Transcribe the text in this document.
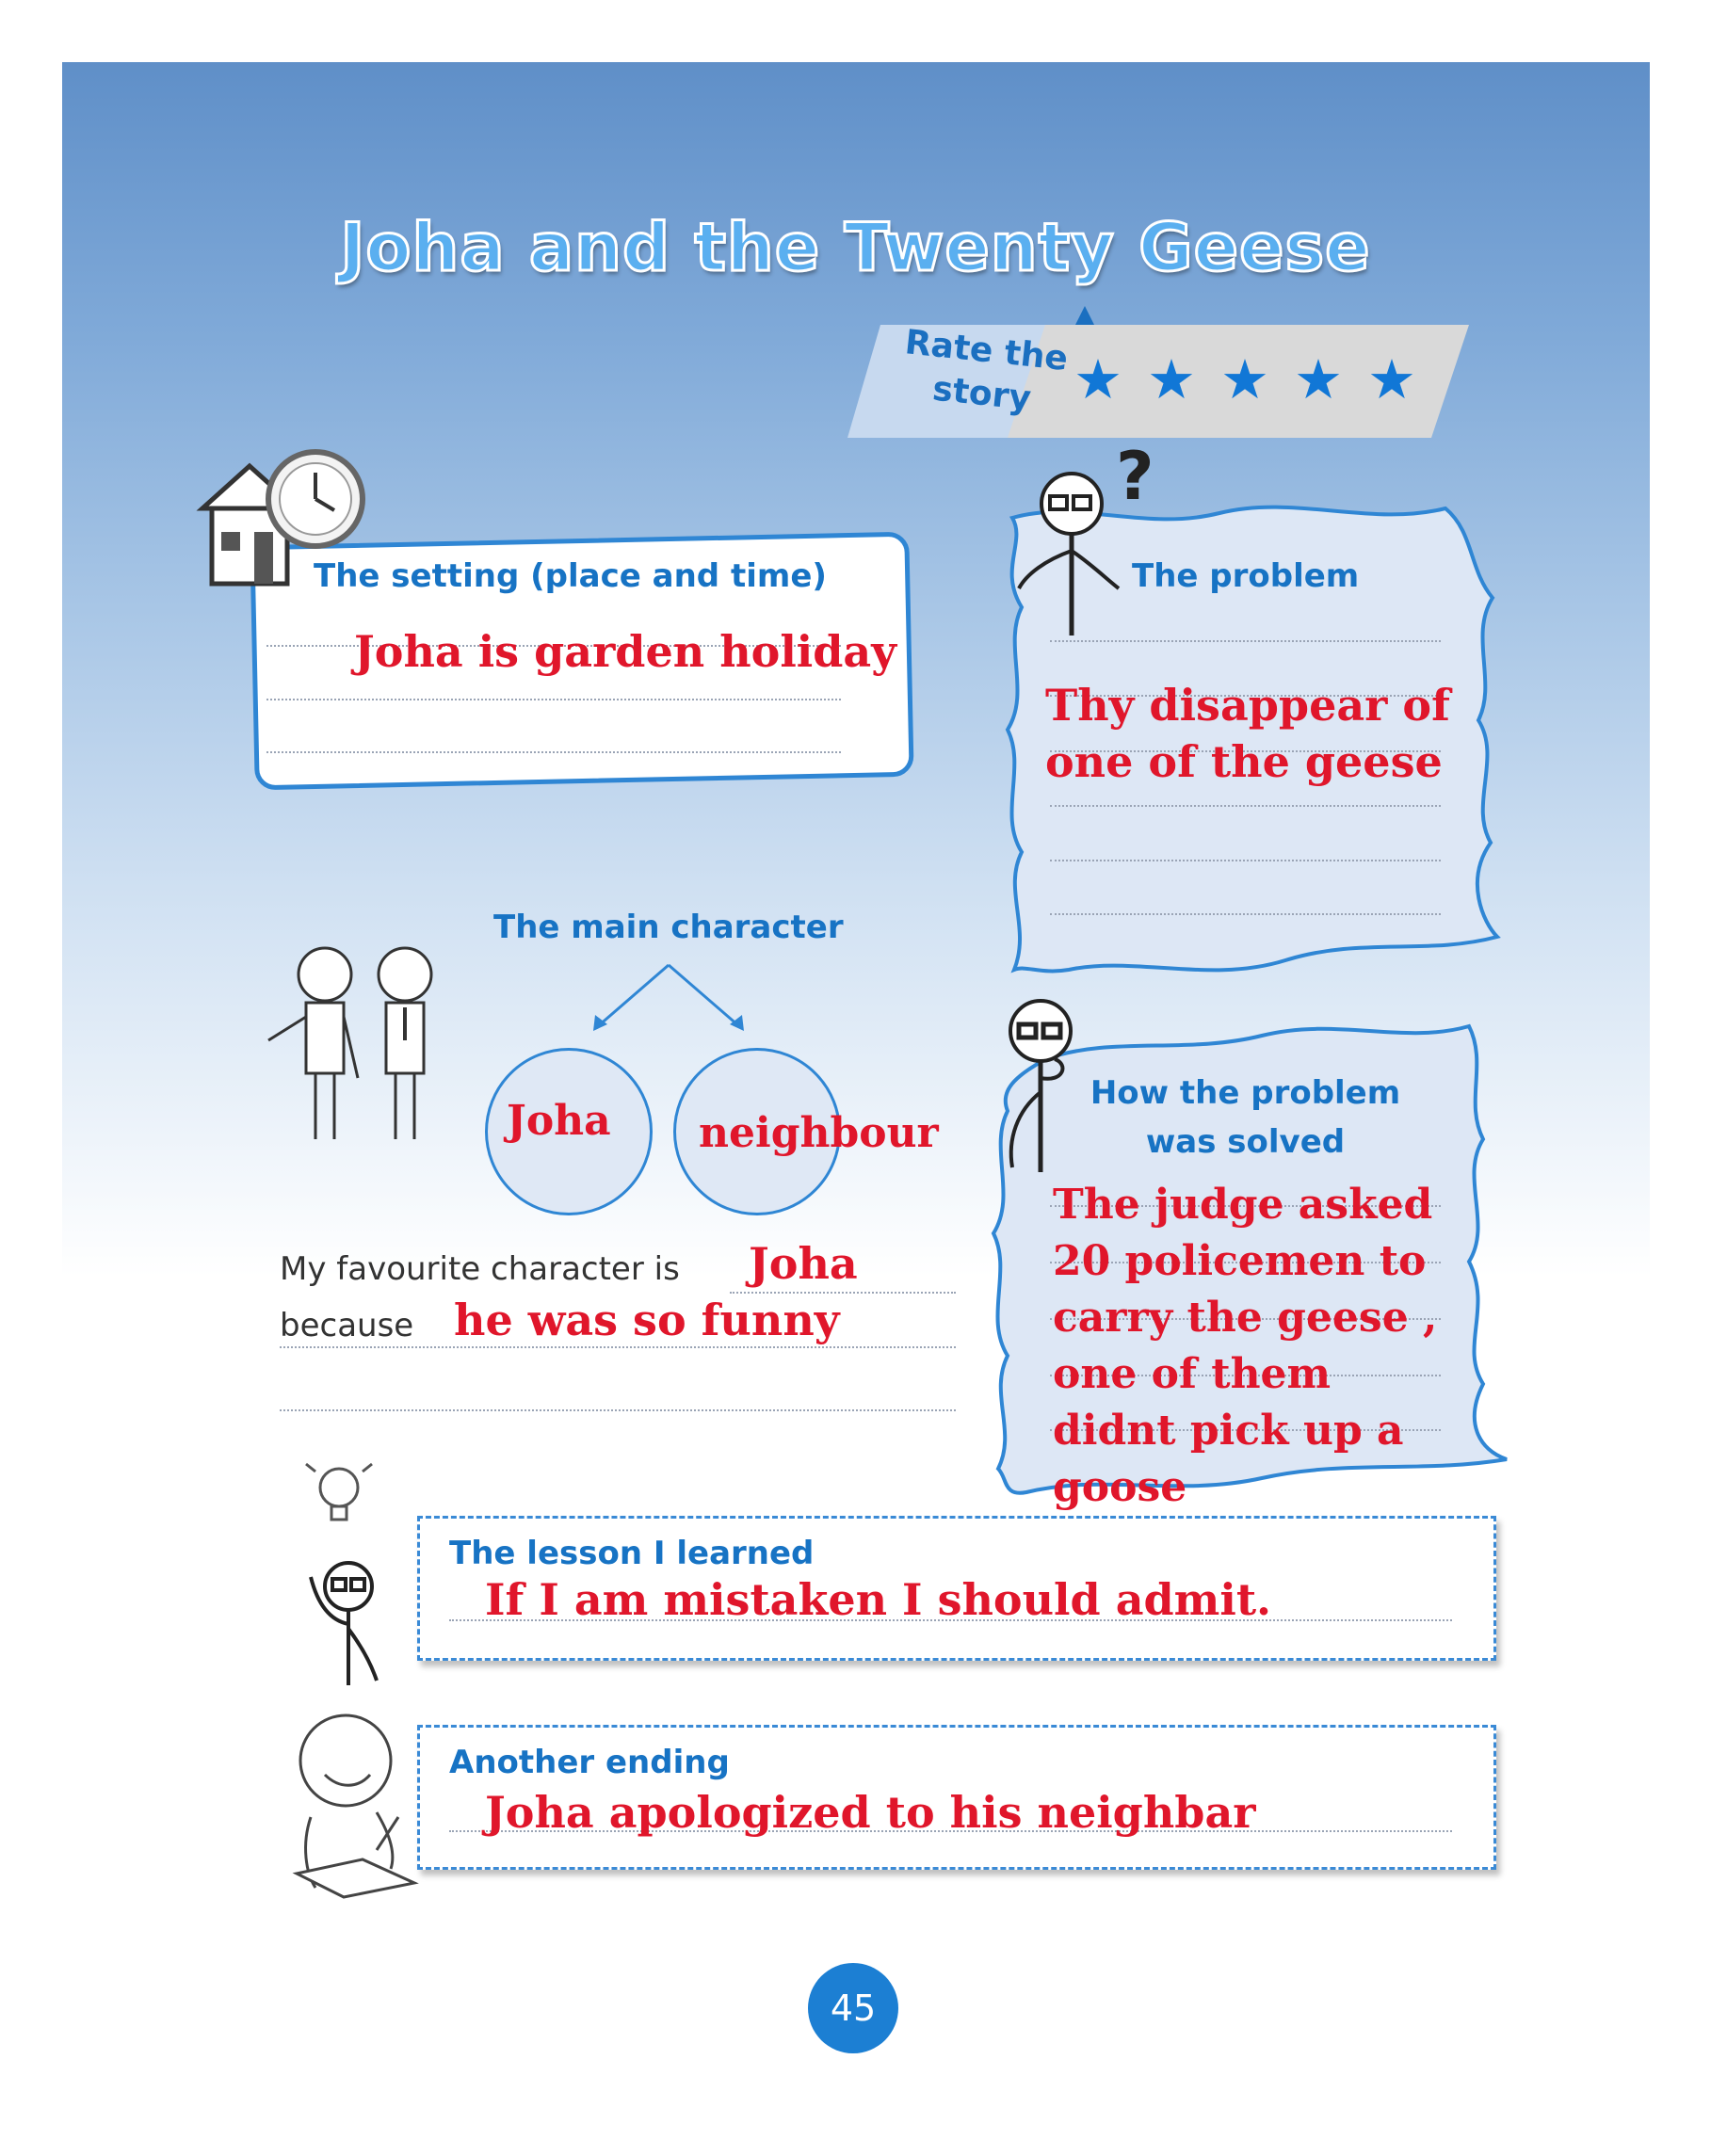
Joha and the Twenty Geese
Rate the
story ★ ★ ★ ★ ★
The setting (place and time)
Joha is garden holiday
?
The problem
Thy disappear of
one of the geese
The main character
Joha neighbour
My favourite character is Joha
because he was so funny
How the problem
was solved
The judge asked
20 policemen to
carry the geese ,
one of them
didnt pick up a
goose
The lesson I learned
If I am mistaken I should admit.
Another ending
Joha apologized to his neighbar
45
